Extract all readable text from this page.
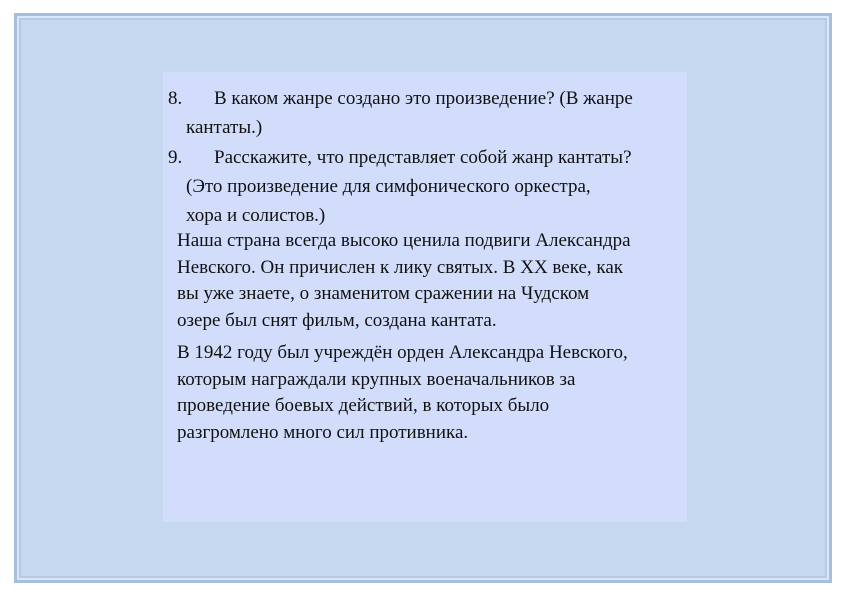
8.	В каком жанре создано это произведение? (В жанре
кантаты.)
9.	Расскажите, что представляет собой жанр кантаты?
(Это произведение для симфонического оркестра,
хора и солистов.)
Наша страна всегда высоко ценила подвиги Александра
Невского. Он причислен к лику святых. В XX веке, как
вы уже знаете, о знаменитом сражении на Чудском
озере был снят фильм, создана кантата.
В 1942 году был учреждён орден Александра Невского,
которым награждали крупных военачальников за
проведение боевых действий, в которых было
разгромлено много сил противника.
